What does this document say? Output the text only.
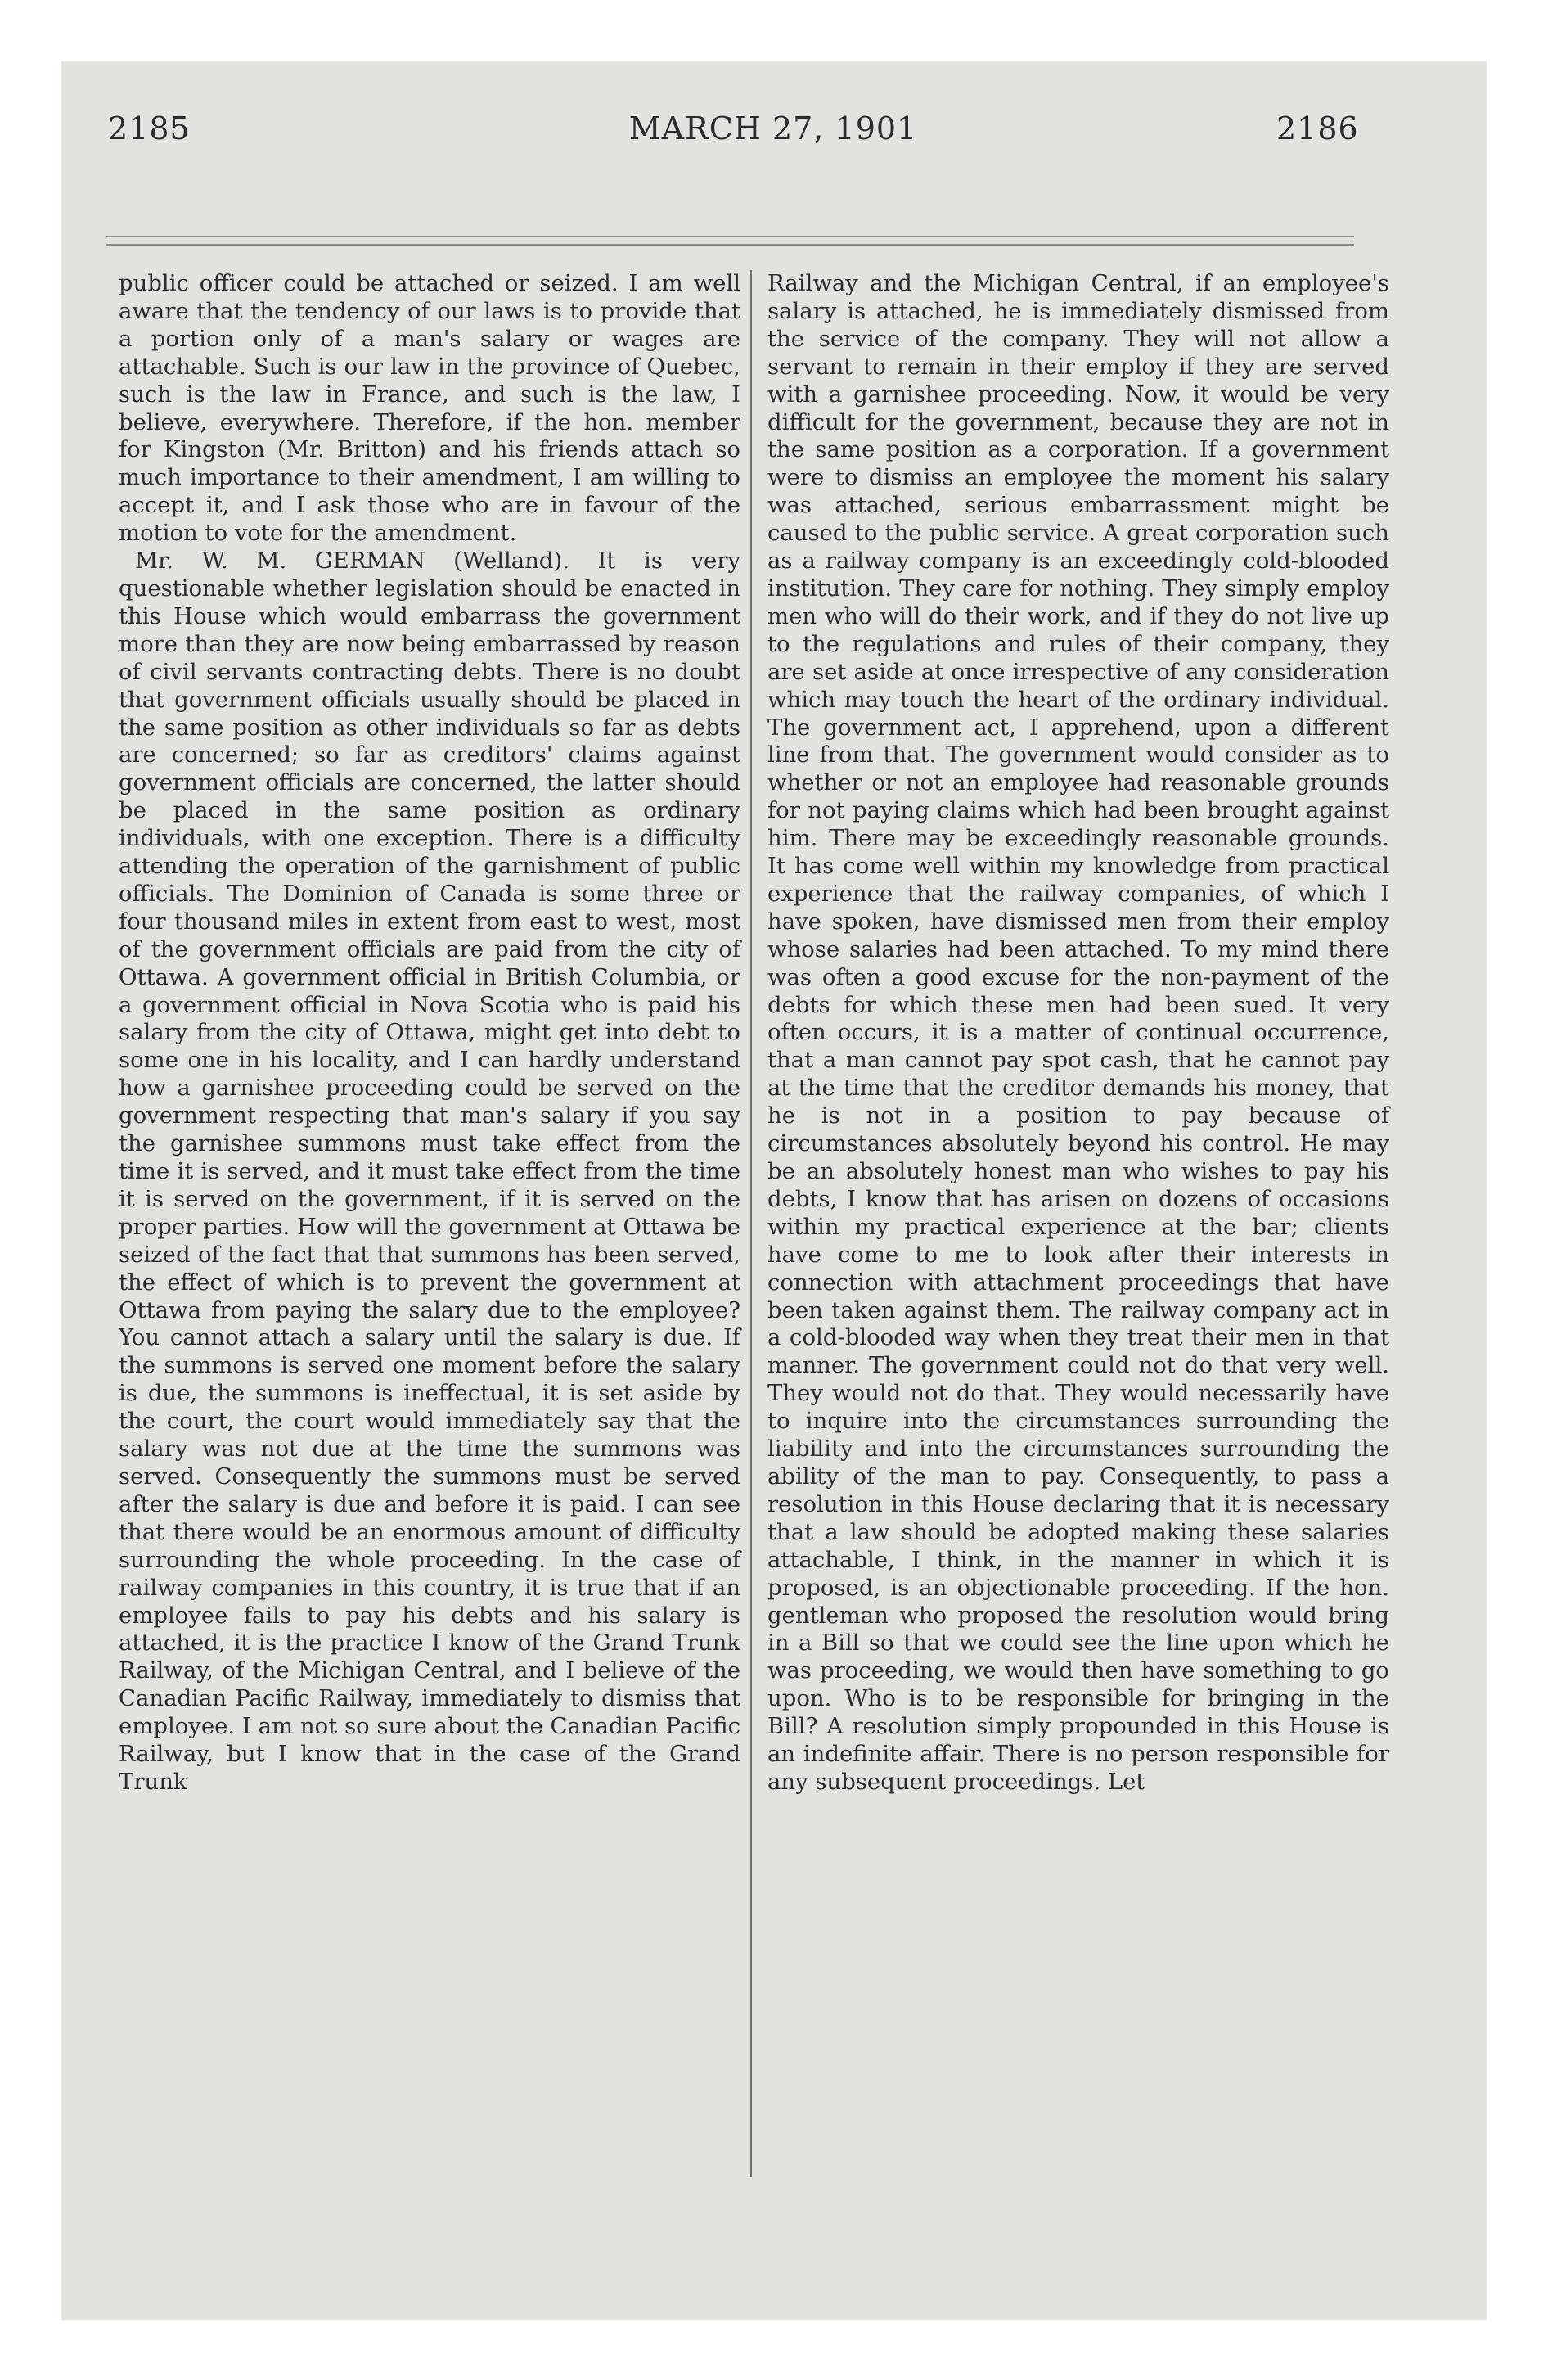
2185	MARCH 27, 1901	2186

public officer could be attached or seized. I am well aware that the tendency of our laws is to provide that a portion only of a man's salary or wages are attachable. Such is our law in the province of Quebec, such is the law in France, and such is the law, I believe, everywhere. Therefore, if the hon. member for Kingston (Mr. Britton) and his friends attach so much importance to their amendment, I am willing to accept it, and I ask those who are in favour of the motion to vote for the amendment.

Mr. W. M. GERMAN (Welland). It is very questionable whether legislation should be enacted in this House which would embarrass the government more than they are now being embarrassed by reason of civil servants contracting debts. There is no doubt that government officials usually should be placed in the same position as other individuals so far as debts are concerned; so far as creditors' claims against government officials are concerned, the latter should be placed in the same position as ordinary individuals, with one exception. There is a difficulty attending the operation of the garnishment of public officials. The Dominion of Canada is some three or four thousand miles in extent from east to west, most of the government officials are paid from the city of Ottawa. A government official in British Columbia, or a government official in Nova Scotia who is paid his salary from the city of Ottawa, might get into debt to some one in his locality, and I can hardly understand how a garnishee proceeding could be served on the government respecting that man's salary if you say the garnishee summons must take effect from the time it is served, and it must take effect from the time it is served on the government, if it is served on the proper parties. How will the government at Ottawa be seized of the fact that that summons has been served, the effect of which is to prevent the government at Ottawa from paying the salary due to the employee? You cannot attach a salary until the salary is due. If the summons is served one moment before the salary is due, the summons is ineffectual, it is set aside by the court, the court would immediately say that the salary was not due at the time the summons was served. Consequently the summons must be served after the salary is due and before it is paid. I can see that there would be an enormous amount of difficulty surrounding the whole proceeding. In the case of railway companies in this country, it is true that if an employee fails to pay his debts and his salary is attached, it is the practice I know of the Grand Trunk Railway, of the Michigan Central, and I believe of the Canadian Pacific Railway, immediately to dismiss that employee. I am not so sure about the Canadian Pacific Railway, but I know that in the case of the Grand Trunk

Railway and the Michigan Central, if an employee's salary is attached, he is immediately dismissed from the service of the company. They will not allow a servant to remain in their employ if they are served with a garnishee proceeding. Now, it would be very difficult for the government, because they are not in the same position as a corporation. If a government were to dismiss an employee the moment his salary was attached, serious embarrassment might be caused to the public service. A great corporation such as a railway company is an exceedingly cold-blooded institution. They care for nothing. They simply employ men who will do their work, and if they do not live up to the regulations and rules of their company, they are set aside at once irrespective of any consideration which may touch the heart of the ordinary individual. The government act, I apprehend, upon a different line from that. The government would consider as to whether or not an employee had reasonable grounds for not paying claims which had been brought against him. There may be exceedingly reasonable grounds. It has come well within my knowledge from practical experience that the railway companies, of which I have spoken, have dismissed men from their employ whose salaries had been attached. To my mind there was often a good excuse for the non-payment of the debts for which these men had been sued. It very often occurs, it is a matter of continual occurrence, that a man cannot pay spot cash, that he cannot pay at the time that the creditor demands his money, that he is not in a position to pay because of circumstances absolutely beyond his control. He may be an absolutely honest man who wishes to pay his debts, I know that has arisen on dozens of occasions within my practical experience at the bar; clients have come to me to look after their interests in connection with attachment proceedings that have been taken against them. The railway company act in a cold-blooded way when they treat their men in that manner. The government could not do that very well. They would not do that. They would necessarily have to inquire into the circumstances surrounding the liability and into the circumstances surrounding the ability of the man to pay. Consequently, to pass a resolution in this House declaring that it is necessary that a law should be adopted making these salaries attachable, I think, in the manner in which it is proposed, is an objectionable proceeding. If the hon. gentleman who proposed the resolution would bring in a Bill so that we could see the line upon which he was proceeding, we would then have something to go upon. Who is to be responsible for bringing in the Bill? A resolution simply propounded in this House is an indefinite affair. There is no person responsible for any subsequent proceedings. Let
